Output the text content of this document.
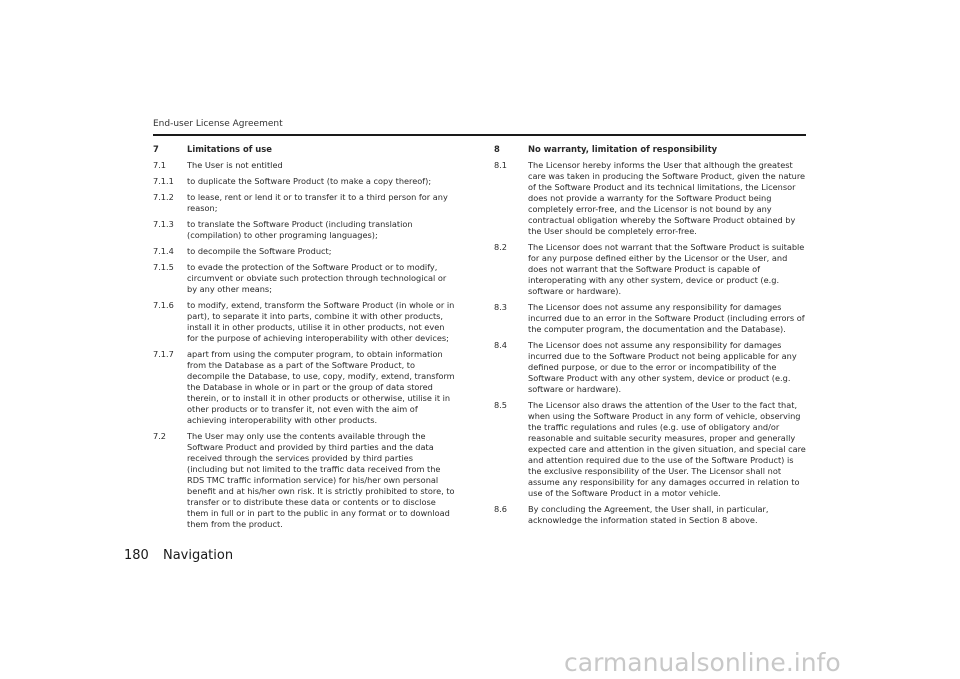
End-user License Agreement
7	Limitations of use
7.1	The User is not entitled
7.1.1	to duplicate the Software Product (to make a copy thereof);
7.1.2	to lease, rent or lend it or to transfer it to a third person for any reason;
7.1.3	to translate the Software Product (including translation (compilation) to other programing languages);
7.1.4	to decompile the Software Product;
7.1.5	to evade the protection of the Software Product or to modify, circumvent or obviate such protection through technological or by any other means;
7.1.6	to modify, extend, transform the Software Product (in whole or in part), to separate it into parts, combine it with other products, install it in other products, utilise it in other products, not even for the purpose of achieving interoperability with other devices;
7.1.7	apart from using the computer program, to obtain information from the Database as a part of the Software Product, to decompile the Database, to use, copy, modify, extend, transform the Database in whole or in part or the group of data stored therein, or to install it in other products or otherwise, utilise it in other products or to transfer it, not even with the aim of achieving interoperability with other products.
7.2	The User may only use the contents available through the Software Product and provided by third parties and the data received through the services provided by third parties (including but not limited to the traffic data received from the RDS TMC traffic information service) for his/her own personal benefit and at his/her own risk. It is strictly prohibited to store, to transfer or to distribute these data or contents or to disclose them in full or in part to the public in any format or to download them from the product.
8	No warranty, limitation of responsibility
8.1	The Licensor hereby informs the User that although the greatest care was taken in producing the Software Product, given the nature of the Software Product and its technical limitations, the Licensor does not provide a warranty for the Software Product being completely error-free, and the Licensor is not bound by any contractual obligation whereby the Software Product obtained by the User should be completely error-free.
8.2	The Licensor does not warrant that the Software Product is suitable for any purpose defined either by the Licensor or the User, and does not warrant that the Software Product is capable of interoperating with any other system, device or product (e.g. software or hardware).
8.3	The Licensor does not assume any responsibility for damages incurred due to an error in the Software Product (including errors of the computer program, the documentation and the Database).
8.4	The Licensor does not assume any responsibility for damages incurred due to the Software Product not being applicable for any defined purpose, or due to the error or incompatibility of the Software Product with any other system, device or product (e.g. software or hardware).
8.5	The Licensor also draws the attention of the User to the fact that, when using the Software Product in any form of vehicle, observing the traffic regulations and rules (e.g. use of obligatory and/or reasonable and suitable security measures, proper and generally expected care and attention in the given situation, and special care and attention required due to the use of the Software Product) is the exclusive responsibility of the User. The Licensor shall not assume any responsibility for any damages occurred in relation to use of the Software Product in a motor vehicle.
8.6	By concluding the Agreement, the User shall, in particular, acknowledge the information stated in Section 8 above.
180 Navigation
carmanualsonline.info
